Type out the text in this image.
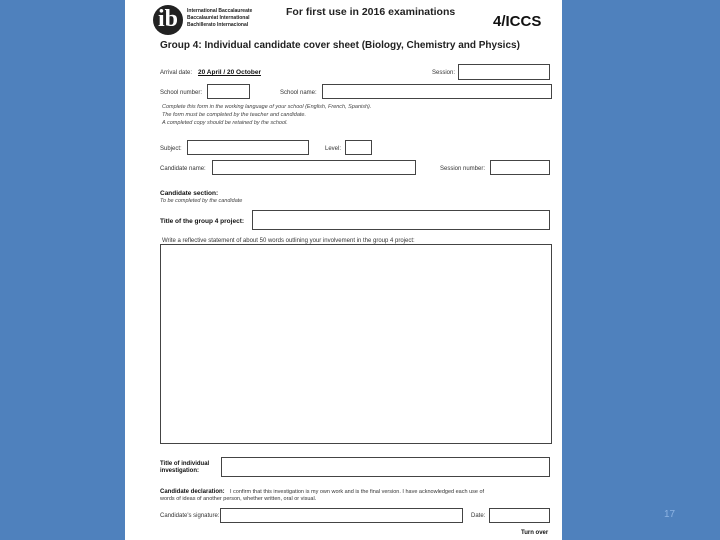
ib	International Baccalaureate
Baccalauréat International
Bachillerato Internacional
For first use in 2016 examinations
4/ICCS
Group 4: Individual candidate cover sheet (Biology, Chemistry and Physics)
Arrival date: 20 April / 20 October	Session:
School number:	School name:
Complete this form in the working language of your school (English, French, Spanish).
The form must be completed by the teacher and candidate.
A completed copy should be retained by the school.
Subject:	Level:
Candidate name:	Session number:
Candidate section:
To be completed by the candidate
Title of the group 4 project:
Write a reflective statement of about 50 words outlining your involvement in the group 4 project:
Title of individual
investigation:
Candidate declaration: I confirm that this investigation is my own work and is the final version. I have acknowledged each use of
words of ideas of another person, whether written, oral or visual.
Candidate's signature:	Date:
Turn over
17
